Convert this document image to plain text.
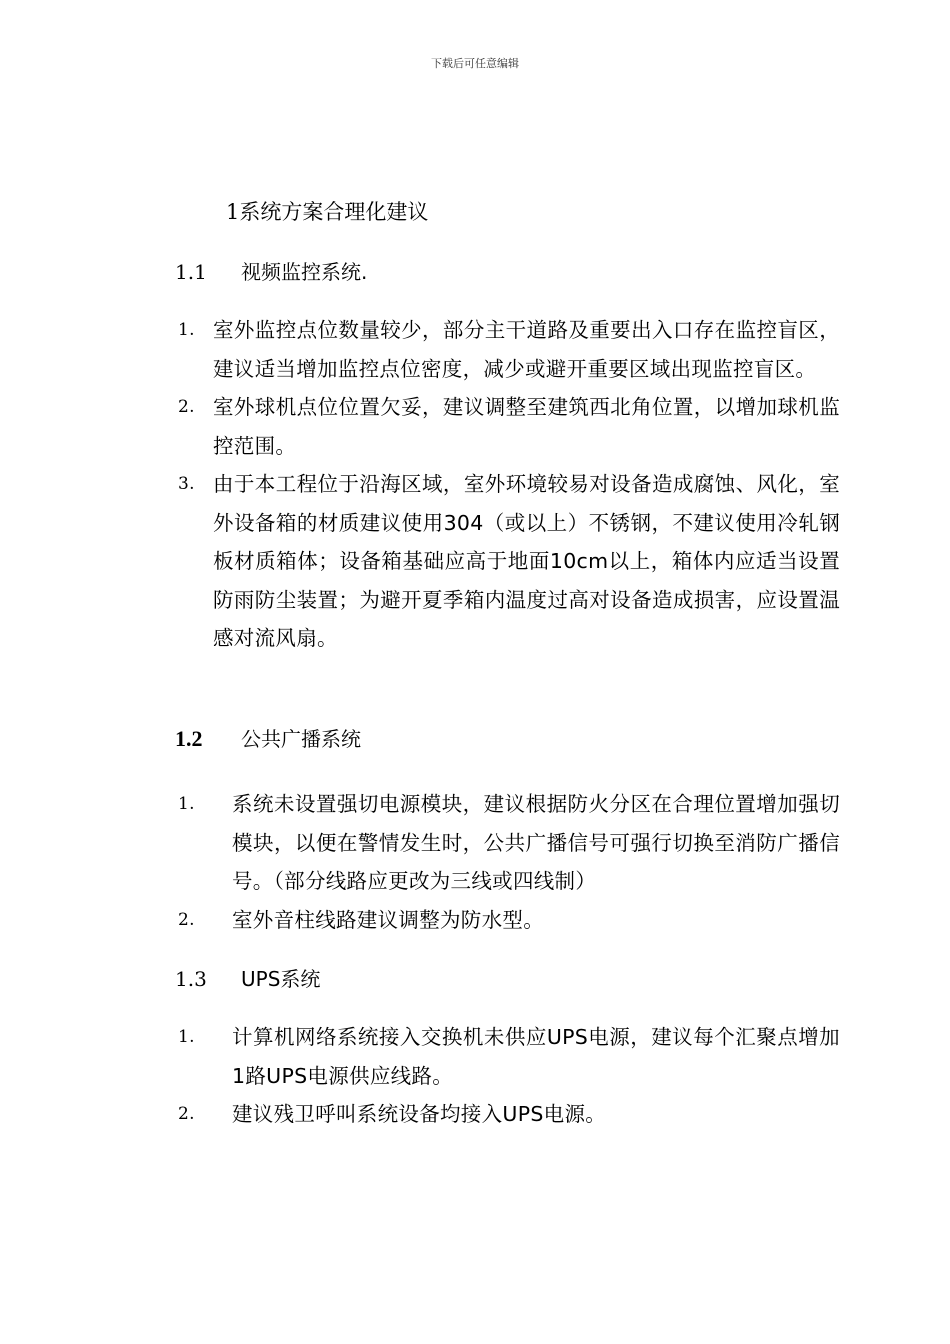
下载后可任意编辑
1系统方案合理化建议
1.1 视频监控系统.
1. 室外监控点位数量较少，部分主干道路及重要出入口存在监控盲区，建议适当增加监控点位密度，减少或避开重要区域出现监控盲区。
2. 室外球机点位位置欠妥，建议调整至建筑西北角位置，以增加球机监控范围。
3. 由于本工程位于沿海区域，室外环境较易对设备造成腐蚀、风化，室外设备箱的材质建议使用304（或以上）不锈钢，不建议使用冷轧钢板材质箱体；设备箱基础应高于地面10cm以上，箱体内应适当设置防雨防尘装置；为避开夏季箱内温度过高对设备造成损害，应设置温感对流风扇。
1.2 公共广播系统
1. 系统未设置强切电源模块，建议根据防火分区在合理位置增加强切模块，以便在警情发生时，公共广播信号可强行切换至消防广播信号。（部分线路应更改为三线或四线制）
2. 室外音柱线路建议调整为防水型。
1.3 UPS系统
1. 计算机网络系统接入交换机未供应UPS电源，建议每个汇聚点增加1路UPS电源供应线路。
2. 建议残卫呼叫系统设备均接入UPS电源。
